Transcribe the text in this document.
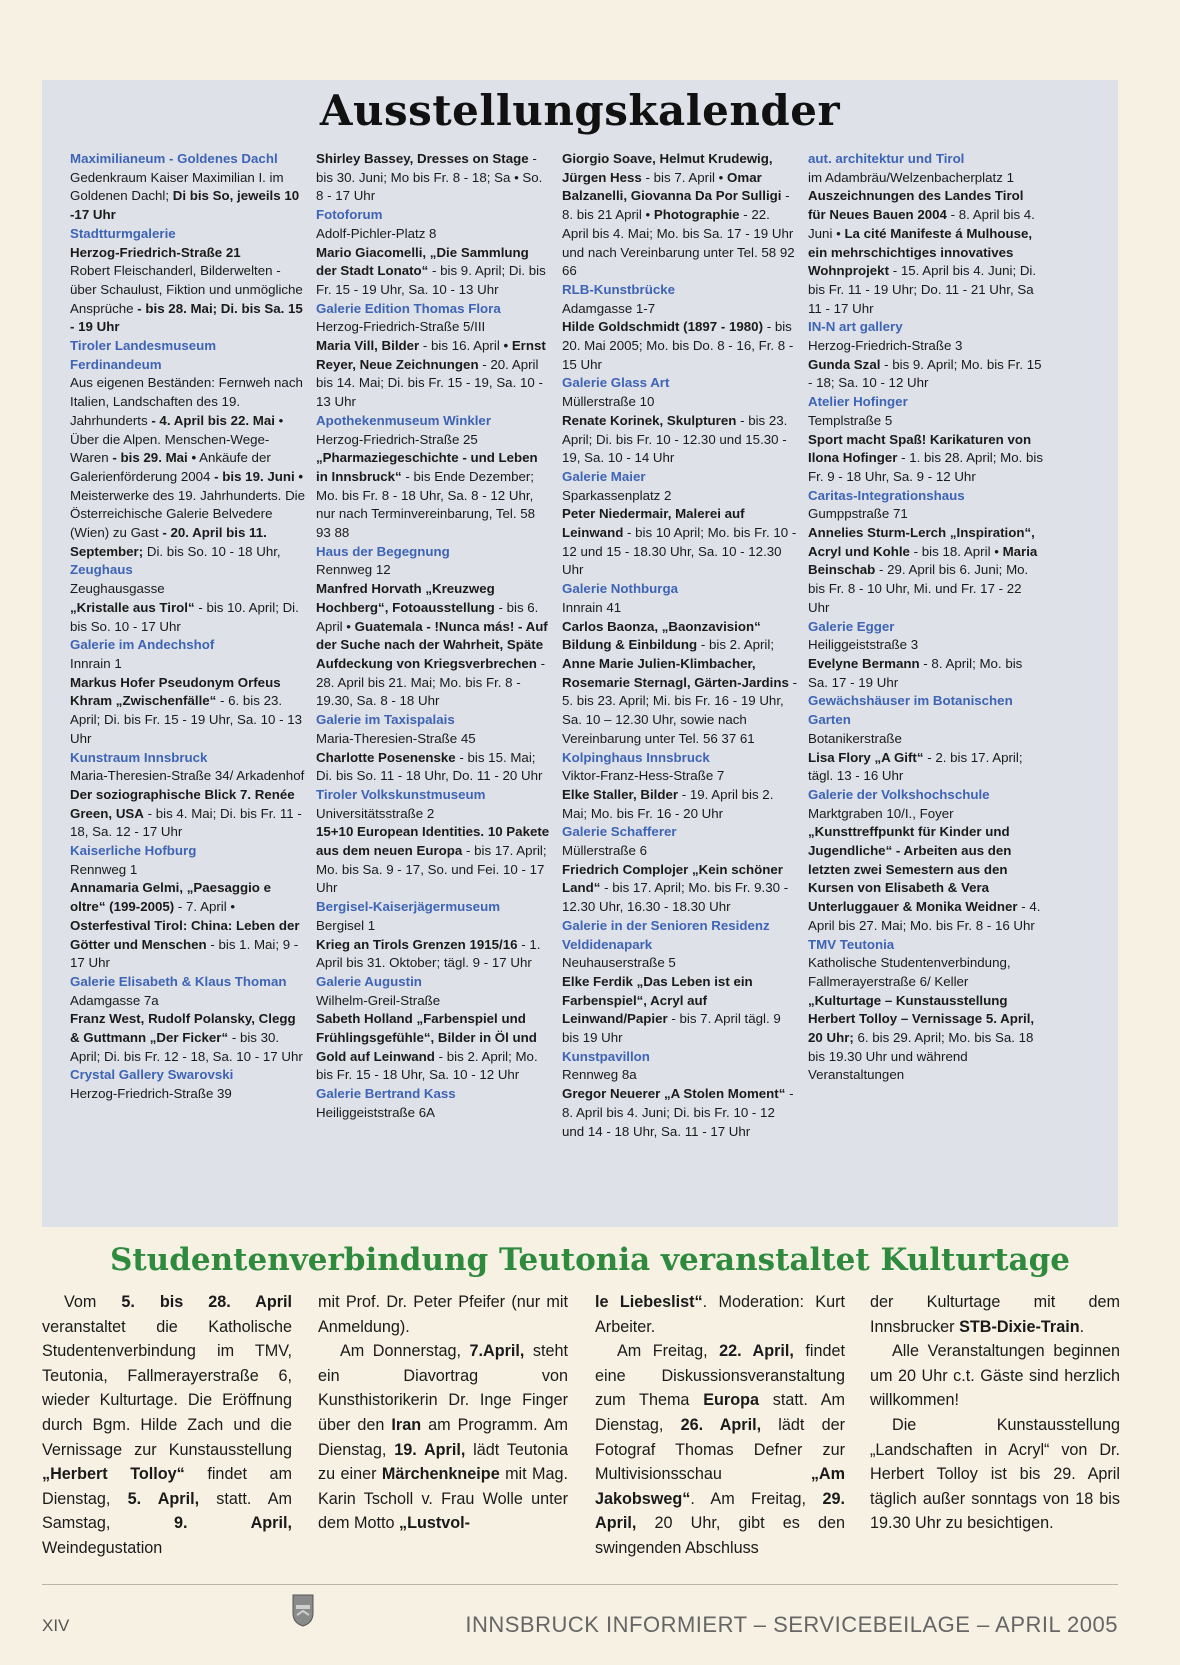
Ausstellungskalender

Maximilianeum - Goldenes Dachl

Gedenkraum Kaiser Maximilian I. im Goldenen Dachl; Di bis So, jeweils 10 -17 Uhr

Stadtturmgalerie

Herzog-Friedrich-Straße 21

Robert Fleischanderl, Bilderwelten - über Schaulust, Fiktion und unmögliche Ansprüche - bis 28. Mai; Di. bis Sa. 15 - 19 Uhr

Tiroler Landesmuseum Ferdinandeum

Aus eigenen Beständen: Fernweh nach Italien, Landschaften des 19. Jahrhunderts - 4. April bis 22. Mai • Über die Alpen. Menschen-Wege-Waren - bis 29. Mai • Ankäufe der Galerienförderung 2004 - bis 19. Juni • Meisterwerke des 19. Jahrhunderts. Die Österreichische Galerie Belvedere (Wien) zu Gast - 20. April bis 11. September; Di. bis So. 10 - 18 Uhr,

Zeughaus

Zeughausgasse

„Kristalle aus Tirol“ - bis 10. April; Di. bis So. 10 - 17 Uhr

Galerie im Andechshof

Innrain 1

Markus Hofer Pseudonym Orfeus Khram „Zwischenfälle“ - 6. bis 23. April; Di. bis Fr. 15 - 19 Uhr, Sa. 10 - 13 Uhr

Kunstraum Innsbruck

Maria-Theresien-Straße 34/ Arkadenhof

Der soziographische Blick 7. Renée Green, USA - bis 4. Mai; Di. bis Fr. 11 - 18, Sa. 12 - 17 Uhr

Kaiserliche Hofburg

Rennweg 1

Annamaria Gelmi, „Paesaggio e oltre“ (199-2005) - 7. April • Osterfestival Tirol: China: Leben der Götter und Menschen - bis 1. Mai; 9 - 17 Uhr

Galerie Elisabeth & Klaus Thoman

Adamgasse 7a

Franz West, Rudolf Polansky, Clegg & Guttmann „Der Ficker“ - bis 30. April; Di. bis Fr. 12 - 18, Sa. 10 - 17 Uhr

Crystal Gallery Swarovski

Herzog-Friedrich-Straße 39

Shirley Bassey, Dresses on Stage - bis 30. Juni; Mo bis Fr. 8 - 18; Sa • So. 8 - 17 Uhr

Fotoforum

Adolf-Pichler-Platz 8

Mario Giacomelli, „Die Sammlung der Stadt Lonato“ - bis 9. April; Di. bis Fr. 15 - 19 Uhr, Sa. 10 - 13 Uhr

Galerie Edition Thomas Flora

Herzog-Friedrich-Straße 5/III

Maria Vill, Bilder - bis 16. April • Ernst Reyer, Neue Zeichnungen - 20. April bis 14. Mai; Di. bis Fr. 15 - 19, Sa. 10 - 13 Uhr

Apothekenmuseum Winkler

Herzog-Friedrich-Straße 25

„Pharmaziegeschichte - und Leben in Innsbruck“ - bis Ende Dezember; Mo. bis Fr. 8 - 18 Uhr, Sa. 8 - 12 Uhr, nur nach Terminvereinbarung, Tel. 58 93 88

Haus der Begegnung

Rennweg 12

Manfred Horvath „Kreuzweg Hochberg“, Fotoausstellung - bis 6. April • Guatemala - !Nunca más! - Auf der Suche nach der Wahrheit, Späte Aufdeckung von Kriegsverbrechen - 28. April bis 21. Mai; Mo. bis Fr. 8 - 19.30, Sa. 8 - 18 Uhr

Galerie im Taxispalais

Maria-Theresien-Straße 45

Charlotte Posenenske - bis 15. Mai; Di. bis So. 11 - 18 Uhr, Do. 11 - 20 Uhr

Tiroler Volkskunstmuseum

Universitätsstraße 2

15+10 European Identities. 10 Pakete aus dem neuen Europa - bis 17. April; Mo. bis Sa. 9 - 17, So. und Fei. 10 - 17 Uhr

Bergisel-Kaiserjägermuseum

Bergisel 1

Krieg an Tirols Grenzen 1915/16 - 1. April bis 31. Oktober; tägl. 9 - 17 Uhr

Galerie Augustin

Wilhelm-Greil-Straße

Sabeth Holland „Farbenspiel und Frühlingsgefühle“, Bilder in Öl und Gold auf Leinwand - bis 2. April; Mo. bis Fr. 15 - 18 Uhr, Sa. 10 - 12 Uhr

Galerie Bertrand Kass

Heiliggeiststraße 6A

Giorgio Soave, Helmut Krudewig, Jürgen Hess - bis 7. April • Omar Balzanelli, Giovanna Da Por Sulligi - 8. bis 21 April • Photographie - 22. April bis 4. Mai; Mo. bis Sa. 17 - 19 Uhr und nach Vereinbarung unter Tel. 58 92 66

RLB-Kunstbrücke

Adamgasse 1-7

Hilde Goldschmidt (1897 - 1980) - bis 20. Mai 2005; Mo. bis Do. 8 - 16, Fr. 8 - 15 Uhr

Galerie Glass Art

Müllerstraße 10

Renate Korinek, Skulpturen - bis 23. April; Di. bis Fr. 10 - 12.30 und 15.30 - 19, Sa. 10 - 14 Uhr

Galerie Maier

Sparkassenplatz 2

Peter Niedermair, Malerei auf Leinwand - bis 10 April; Mo. bis Fr. 10 - 12 und 15 - 18.30 Uhr, Sa. 10 - 12.30 Uhr

Galerie Nothburga

Innrain 41

Carlos Baonza, „Baonzavision“ Bildung & Einbildung - bis 2. April; Anne Marie Julien-Klimbacher, Rosemarie Sternagl, Gärten-Jardins - 5. bis 23. April; Mi. bis Fr. 16 - 19 Uhr, Sa. 10 – 12.30 Uhr, sowie nach Vereinbarung unter Tel. 56 37 61

Kolpinghaus Innsbruck

Viktor-Franz-Hess-Straße 7

Elke Staller, Bilder - 19. April bis 2. Mai; Mo. bis Fr. 16 - 20 Uhr

Galerie Schafferer

Müllerstraße 6

Friedrich Complojer „Kein schöner Land“ - bis 17. April; Mo. bis Fr. 9.30 - 12.30 Uhr, 16.30 - 18.30 Uhr

Galerie in der Senioren Residenz Veldidenapark

Neuhauserstraße 5

Elke Ferdik „Das Leben ist ein Farbenspiel“, Acryl auf Leinwand/Papier - bis 7. April tägl. 9 bis 19 Uhr

Kunstpavillon

Rennweg 8a

Gregor Neuerer „A Stolen Moment“ - 8. April bis 4. Juni; Di. bis Fr. 10 - 12 und 14 - 18 Uhr, Sa. 11 - 17 Uhr

aut. architektur und Tirol

im Adambräu/Welzenbacherplatz 1

Auszeichnungen des Landes Tirol für Neues Bauen 2004 - 8. April bis 4. Juni • La cité Manifeste á Mulhouse, ein mehrschichtiges innovatives Wohnprojekt - 15. April bis 4. Juni; Di. bis Fr. 11 - 19 Uhr; Do. 11 - 21 Uhr, Sa 11 - 17 Uhr

IN-N art gallery

Herzog-Friedrich-Straße 3

Gunda Szal - bis 9. April; Mo. bis Fr. 15 - 18; Sa. 10 - 12 Uhr

Atelier Hofinger

Templstraße 5

Sport macht Spaß! Karikaturen von Ilona Hofinger - 1. bis 28. April; Mo. bis Fr. 9 - 18 Uhr, Sa. 9 - 12 Uhr

Caritas-Integrationshaus

Gumppstraße 71

Annelies Sturm-Lerch „Inspiration“, Acryl und Kohle - bis 18. April • Maria Beinschab - 29. April bis 6. Juni; Mo. bis Fr. 8 - 10 Uhr, Mi. und Fr. 17 - 22 Uhr

Galerie Egger

Heiliggeiststraße 3

Evelyne Bermann - 8. April; Mo. bis Sa. 17 - 19 Uhr

Gewächshäuser im Botanischen Garten

Botanikerstraße

Lisa Flory „A Gift“ - 2. bis 17. April; tägl. 13 - 16 Uhr

Galerie der Volkshochschule

Marktgraben 10/I., Foyer

„Kunsttreffpunkt für Kinder und Jugendliche“ - Arbeiten aus den letzten zwei Semestern aus den Kursen von Elisabeth & Vera Unterluggauer & Monika Weidner - 4. April bis 27. Mai; Mo. bis Fr. 8 - 16 Uhr

TMV Teutonia

Katholische Studentenverbindung, Fallmerayerstraße 6/ Keller

„Kulturtage – Kunstausstellung Herbert Tolloy – Vernissage 5. April, 20 Uhr; 6. bis 29. April; Mo. bis Sa. 18 bis 19.30 Uhr und während Veranstaltungen

Studentenverbindung Teutonia veranstaltet Kulturtage

Vom 5. bis 28. April veranstaltet die Katholische Studentenverbindung im TMV, Teutonia, Fallmerayerstraße 6, wieder Kulturtage. Die Eröffnung durch Bgm. Hilde Zach und die Vernissage zur Kunstausstellung „Herbert Tolloy“ findet am Dienstag, 5. April, statt. Am Samstag, 9. April, Weindegustation

mit Prof. Dr. Peter Pfeifer (nur mit Anmeldung).

Am Donnerstag, 7.April, steht ein Diavortrag von Kunsthistorikerin Dr. Inge Finger über den Iran am Programm. Am Dienstag, 19. April, lädt Teutonia zu einer Märchenkneipe mit Mag. Karin Tscholl v. Frau Wolle unter dem Motto „Lustvol-

le Liebeslist“. Moderation: Kurt Arbeiter.

Am Freitag, 22. April, findet eine Diskussionsveranstaltung zum Thema Europa statt. Am Dienstag, 26. April, lädt der Fotograf Thomas Defner zur Multivisionsschau „Am Jakobsweg“. Am Freitag, 29. April, 20 Uhr, gibt es den swingenden Abschluss

der Kulturtage mit dem Innsbrucker STB-Dixie-Train.

Alle Veranstaltungen beginnen um 20 Uhr c.t. Gäste sind herzlich willkommen!

Die Kunstausstellung „Landschaften in Acryl“ von Dr. Herbert Tolloy ist bis 29. April täglich außer sonntags von 18 bis 19.30 Uhr zu besichtigen.

XIV	INNSBRUCK INFORMIERT – SERVICEBEILAGE – APRIL 2005
